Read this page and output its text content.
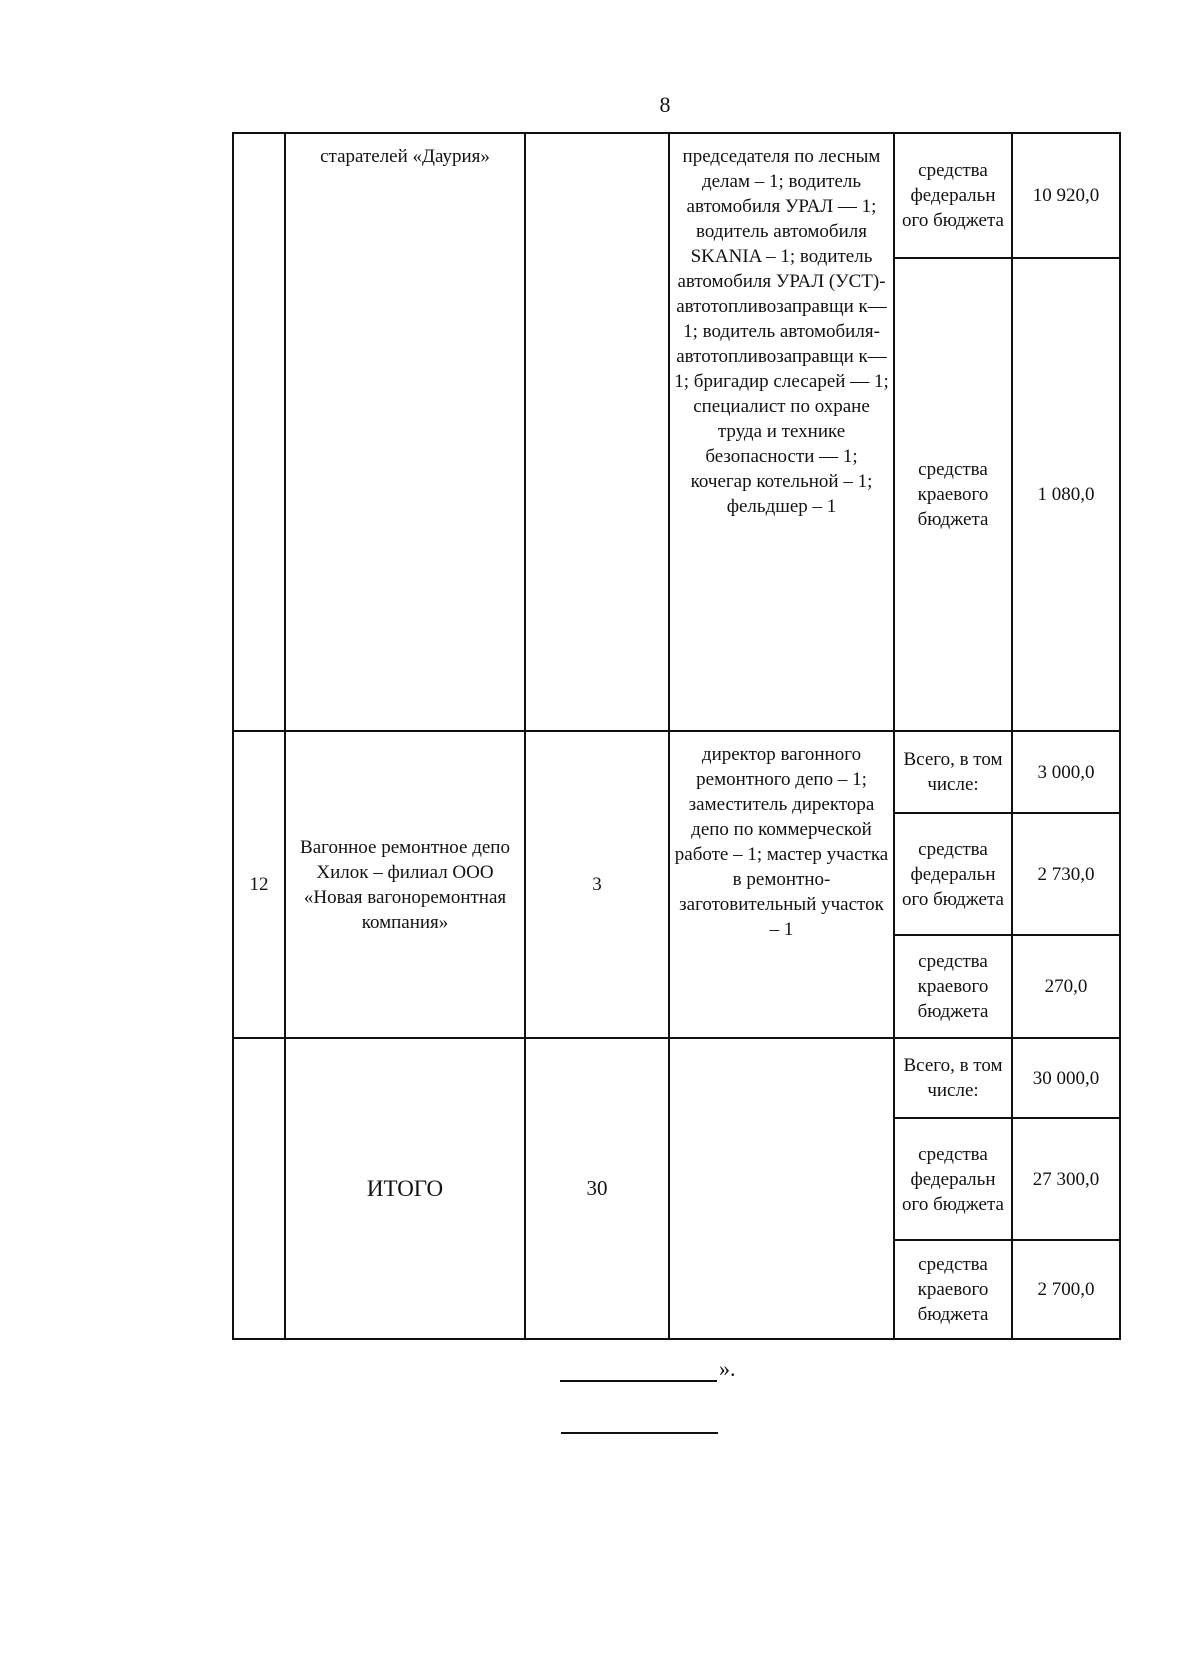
8
	старателей «Даурия»		председателя по лесным делам – 1; водитель автомобиля УРАЛ — 1; водитель автомобиля SKANIA – 1; водитель автомобиля УРАЛ (УСТ)-автотопливозаправщи к— 1; водитель автомобиля-автотопливозаправщи к— 1; бригадир слесарей — 1; специалист по охране труда и технике безопасности — 1; кочегар котельной – 1; фельдшер – 1	средства федеральн ого бюджета	10 920,0
				средства краевого бюджета	1 080,0
12	Вагонное ремонтное депо Хилок – филиал ООО «Новая вагоноремонтная компания»	3	директор вагонного ремонтного депо – 1; заместитель директора депо по коммерческой работе – 1; мастер участка в ремонтно-заготовительный участок – 1	Всего, в том числе:	3 000,0
				средства федеральн ого бюджета	2 730,0
				средства краевого бюджета	270,0
	ИТОГО	30		Всего, в том числе:	30 000,0
				средства федеральн ого бюджета	27 300,0
				средства краевого бюджета	2 700,0
».
